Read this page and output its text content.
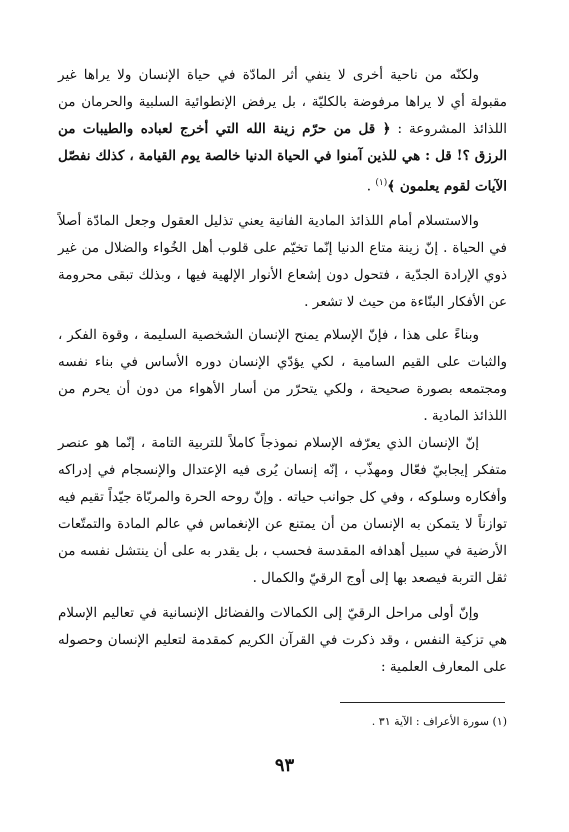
ولكنّه من ناحية أخرى لا ينفي أثر المادّة في حياة الإنسان ولا يراها غير مقبولة أي لا يراها مرفوضة بالكليّة ، بل يرفض الإنطوائية السلبية والحرمان من اللذائذ المشروعة : ﴿ قل من حرّم زينة الله التي أخرج لعباده والطيبات من الرزق ؟! قل : هي للذين آمنوا في الحياة الدنيا خالصة يوم القيامة ، كذلك نفصّل الآيات لقوم يعلمون ﴾$^{(١)}$ .

والاستسلام أمام اللذائذ المادية الفانية يعني تذليل العقول وجعل المادّة أصلاً في الحياة . إنّ زينة متاع الدنيا إنّما تخيّم على قلوب أهل الخُواء والضلال من غير ذوي الإرادة الجدّية ، فتحول دون إشعاع الأنوار الإلهية فيها ، وبذلك تبقى محرومة عن الأفكار البنّاءة من حيث لا تشعر .

وبناءً على هذا ، فإنّ الإسلام يمنح الإنسان الشخصية السليمة ، وقوة الفكر ، والثبات على القيم السامية ، لكي يؤدّي الإنسان دوره الأساس في بناء نفسه ومجتمعه بصورة صحيحة ، ولكي يتحرّر من أسار الأهواء من دون أن يحرم من اللذائذ المادية .

إنّ الإنسان الذي يعرّفه الإسلام نموذجاً كاملاً للتربية التامة ، إنّما هو عنصر متفكر إيجابيّ فعّال ومهذّب ، إنّه إنسان يُرى فيه الإعتدال والإنسجام في إدراكه وأفكاره وسلوكه ، وفي كل جوانب حياته . وإنّ روحه الحرة والمربّاة جيّداً تقيم فيه توازناً لا يتمكن به الإنسان من أن يمتنع عن الإنغماس في عالم المادة والتمتّعات الأرضية في سبيل أهدافه المقدسة فحسب ، بل يقدر به على أن ينتشل نفسه من ثقل التربة فيصعد بها إلى أوج الرقيّ والكمال .

وإنّ أولى مراحل الرقيّ إلى الكمالات والفضائل الإنسانية في تعاليم الإسلام هي تزكية النفس ، وقد ذكرت في القرآن الكريم كمقدمة لتعليم الإنسان وحصوله على المعارف العلمية :

(١) سورة الأعراف : الآية ٣١ .

٩٣
